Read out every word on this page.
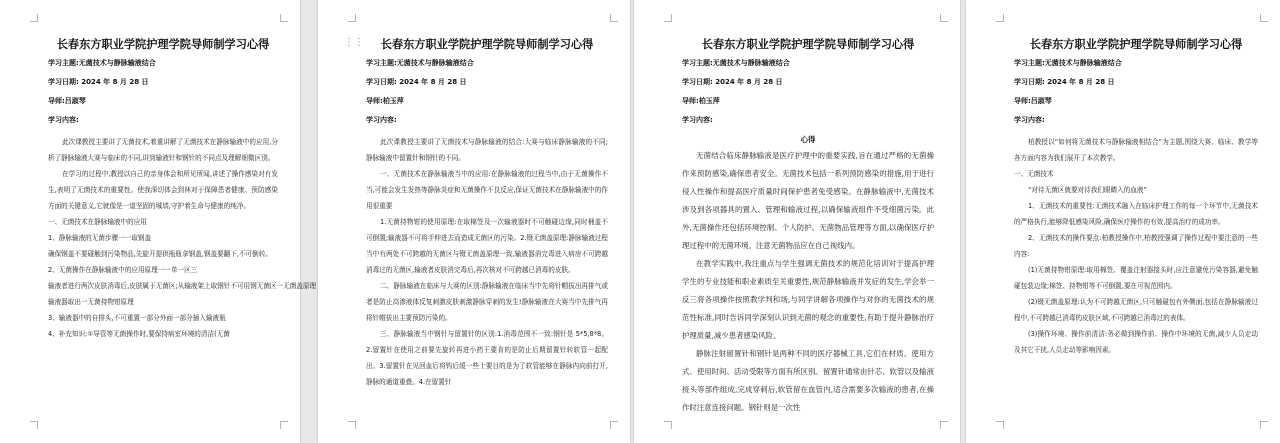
长春东方职业学院护理学院导师制学习心得
学习主题:无菌技术与静脉输液结合
学习日期: 2024 年 8 月 28 日
导师:吕淑琴
学习内容:

此次课教授主要讲了无菌技术,着重讲解了无菌技术在静脉输液中的应用,分析了静脉输液大赛与临床的不同,讲到输液针和钢针的不同点及理解细微区别。

在学习的过程中,教授以自己的亲身体会和所见所闻,讲述了操作感染对有发生,表明了无菌技术的重要性。使我深切体会到林对于保障患者健康、预防感染方面的关键意义,它就像是一道坚固的城墙,守护着生命与健康的纯净。

一、无菌技术在静脉输液中的应用

1、静脉输液的无菌步骤一一取钢盖

确保钢盖不要碰触到污染物品,先旋开提供瓶瓶拿钢盖,钢盖要翻下,不可倒转。

2、无菌操作在静脉输液中的应用原理一一单一区三

输液者进行两次皮肤消毒后,皮肤属于无菌区;从输液架上取钢针不可用钢无菌区一无菌盖原理

输液器取出一无菌持物钳原理

3、输液器中的自排头,不可重置一部分外面一部分插入输液瓶

4、补充知识:①导管等无菌操作时,要保持病室环境的清洁(无菌

⋮⋮	长春东方职业学院护理学院导师制学习心得
学习主题:无菌技术与静脉输液结合
学习日期: 2024 年 8 月 28 日
导师:柏玉萍
学习内容:

此次课教授主要讲了无菌技术与静脉输液的结合:大赛与临床静脉输液的不同;静脉输液中留置针和钢针的不同。

一、无菌技术在静脉输液当中的应用:在静脉输液的过程当中,由于无菌操作不当,可能会发生发热等静脉炎症和无菌操作不良反应,保证无菌技术在静脉输液中的作用很重要

1.无菌持物钳的使用原理:在取棉签及一次输液器时不可触碰边缘,同时桶盖不可倒置;输液器不可将手伸进去而造成无菌区的污染。2.镊无菌盖原理:静脉输液过程当中有两处不可跨越的无菌区与镊无菌盖原理一致,输液器消完毒进入病房不可跨越消毒过的无菌区,输液者皮肤消完毒后,再次核对不可跨越已消毒的皮肤。

二、静脉输液在临床与大赛的区别:静脉输液在临床当中先将针帽拔出再排气或者是防止高渗液体反复刺激皮肤刺激静脉穿刺的发生!静脉输液在大赛当中先排气再将针帽拔出主要预防污染的。

三、静脉输液当中钢针与留置针的区别:1.消毒范围不一致:钢针是 5*5,8*8。2.留置针在使用之前要先旋转再进小药王要肯的是防止后期留置针转软管一起配出。3.留置针在见回血后将钩后缓一些士要目的是为了软管能够在静脉内向前打开,静脉的通道重叠。4.在留置针

长春东方职业学院护理学院导师制学习心得
学习主题:无菌技术与静脉输液结合
学习日期: 2024 年 8 月 28 日
导师:柏玉萍
学习内容:
心得

无菌结合临床静脉输液是医疗护理中的重要实践,旨在通过严格的无菌操作来预防感染,确保患者安全。无菌技术包括一系列预防感染的措施,用于进行侵入性操作和提高医疗质量时间保护患者免受感染。在静脉输液中,无菌技术涉及到各项器具的置入、管理和输液过程,以确保输液组件不受细菌污染。此外,无菌操作还包括环境控制、个人防护、无菌物品管理等方面,以确保医疗护理过程中的无菌环境。注意无菌物品应在自己视线内。

在教学实践中,我注重点与学生强调无菌技术的规范化培训对于提高护理学生的专业技能和职业素质至关重要性,规范静脉输液并发症的发生,学会举一反三将各项操作按照教学判和场,与同学讲解各项操作与对你的无菌技术的规范性标准,同时告诉同学深刻认识到无菌的观念的重要性,有助于提升静脉治疗护理质量,减少患者感染风险。

静脉注射留置针和钢针是两种不同的医疗器械工具,它们在材质、使用方式、使用时间、活动受限等方面有所区别。留置针通常由针芯、软管以及输液接头等部件组成,完成穿刺后,软管留在血管内,适合需要多次输液的患者,在操作时注意连接问题。钢针则是一次性

长春东方职业学院护理学院导师制学习心得
学习主题:无菌技术与静脉输液结合
学习日期: 2024 年 8 月 28 日
导师:吕淑琴
学习内容:

柏教授以“如何将无菌技术与静脉输液相结合”为主题,围绕大赛、临床、教学等各方面内容为我们展开了本次教学。

一、无菌技术

“对待无菌区就要对待我们眼睛入的血液”

1、无菌技术的重要性:无菌技术融入在临床护理工作的每一个环节中,无菌技术的严格执行,能够降低感染风险,确保医疗操作的有效,提高治疗的成功率。

2、无菌技术的操作要点:柏教授操作中,柏教授强调了操作过程中要注意的一些内容:

(1)无菌持物钳原理:取用棉签、覆盖注射器接头时,应注意避免污染容器,避免触碰包装边缘;棉签、持物钳等不可倒置,要在可视范围内。

(2)镊无菌盖原理:认为不可跨越无菌区,只可触碰包有外侧面,包括在静脉输液过程中,不可跨越已消毒的皮肤区域,不可跨越已消毒过的表体。

(3)操作环境、操作前清洁:务必做到操作前、操作中环境的无菌,减少人员走动及其它干扰,人员走动等影响因素。
